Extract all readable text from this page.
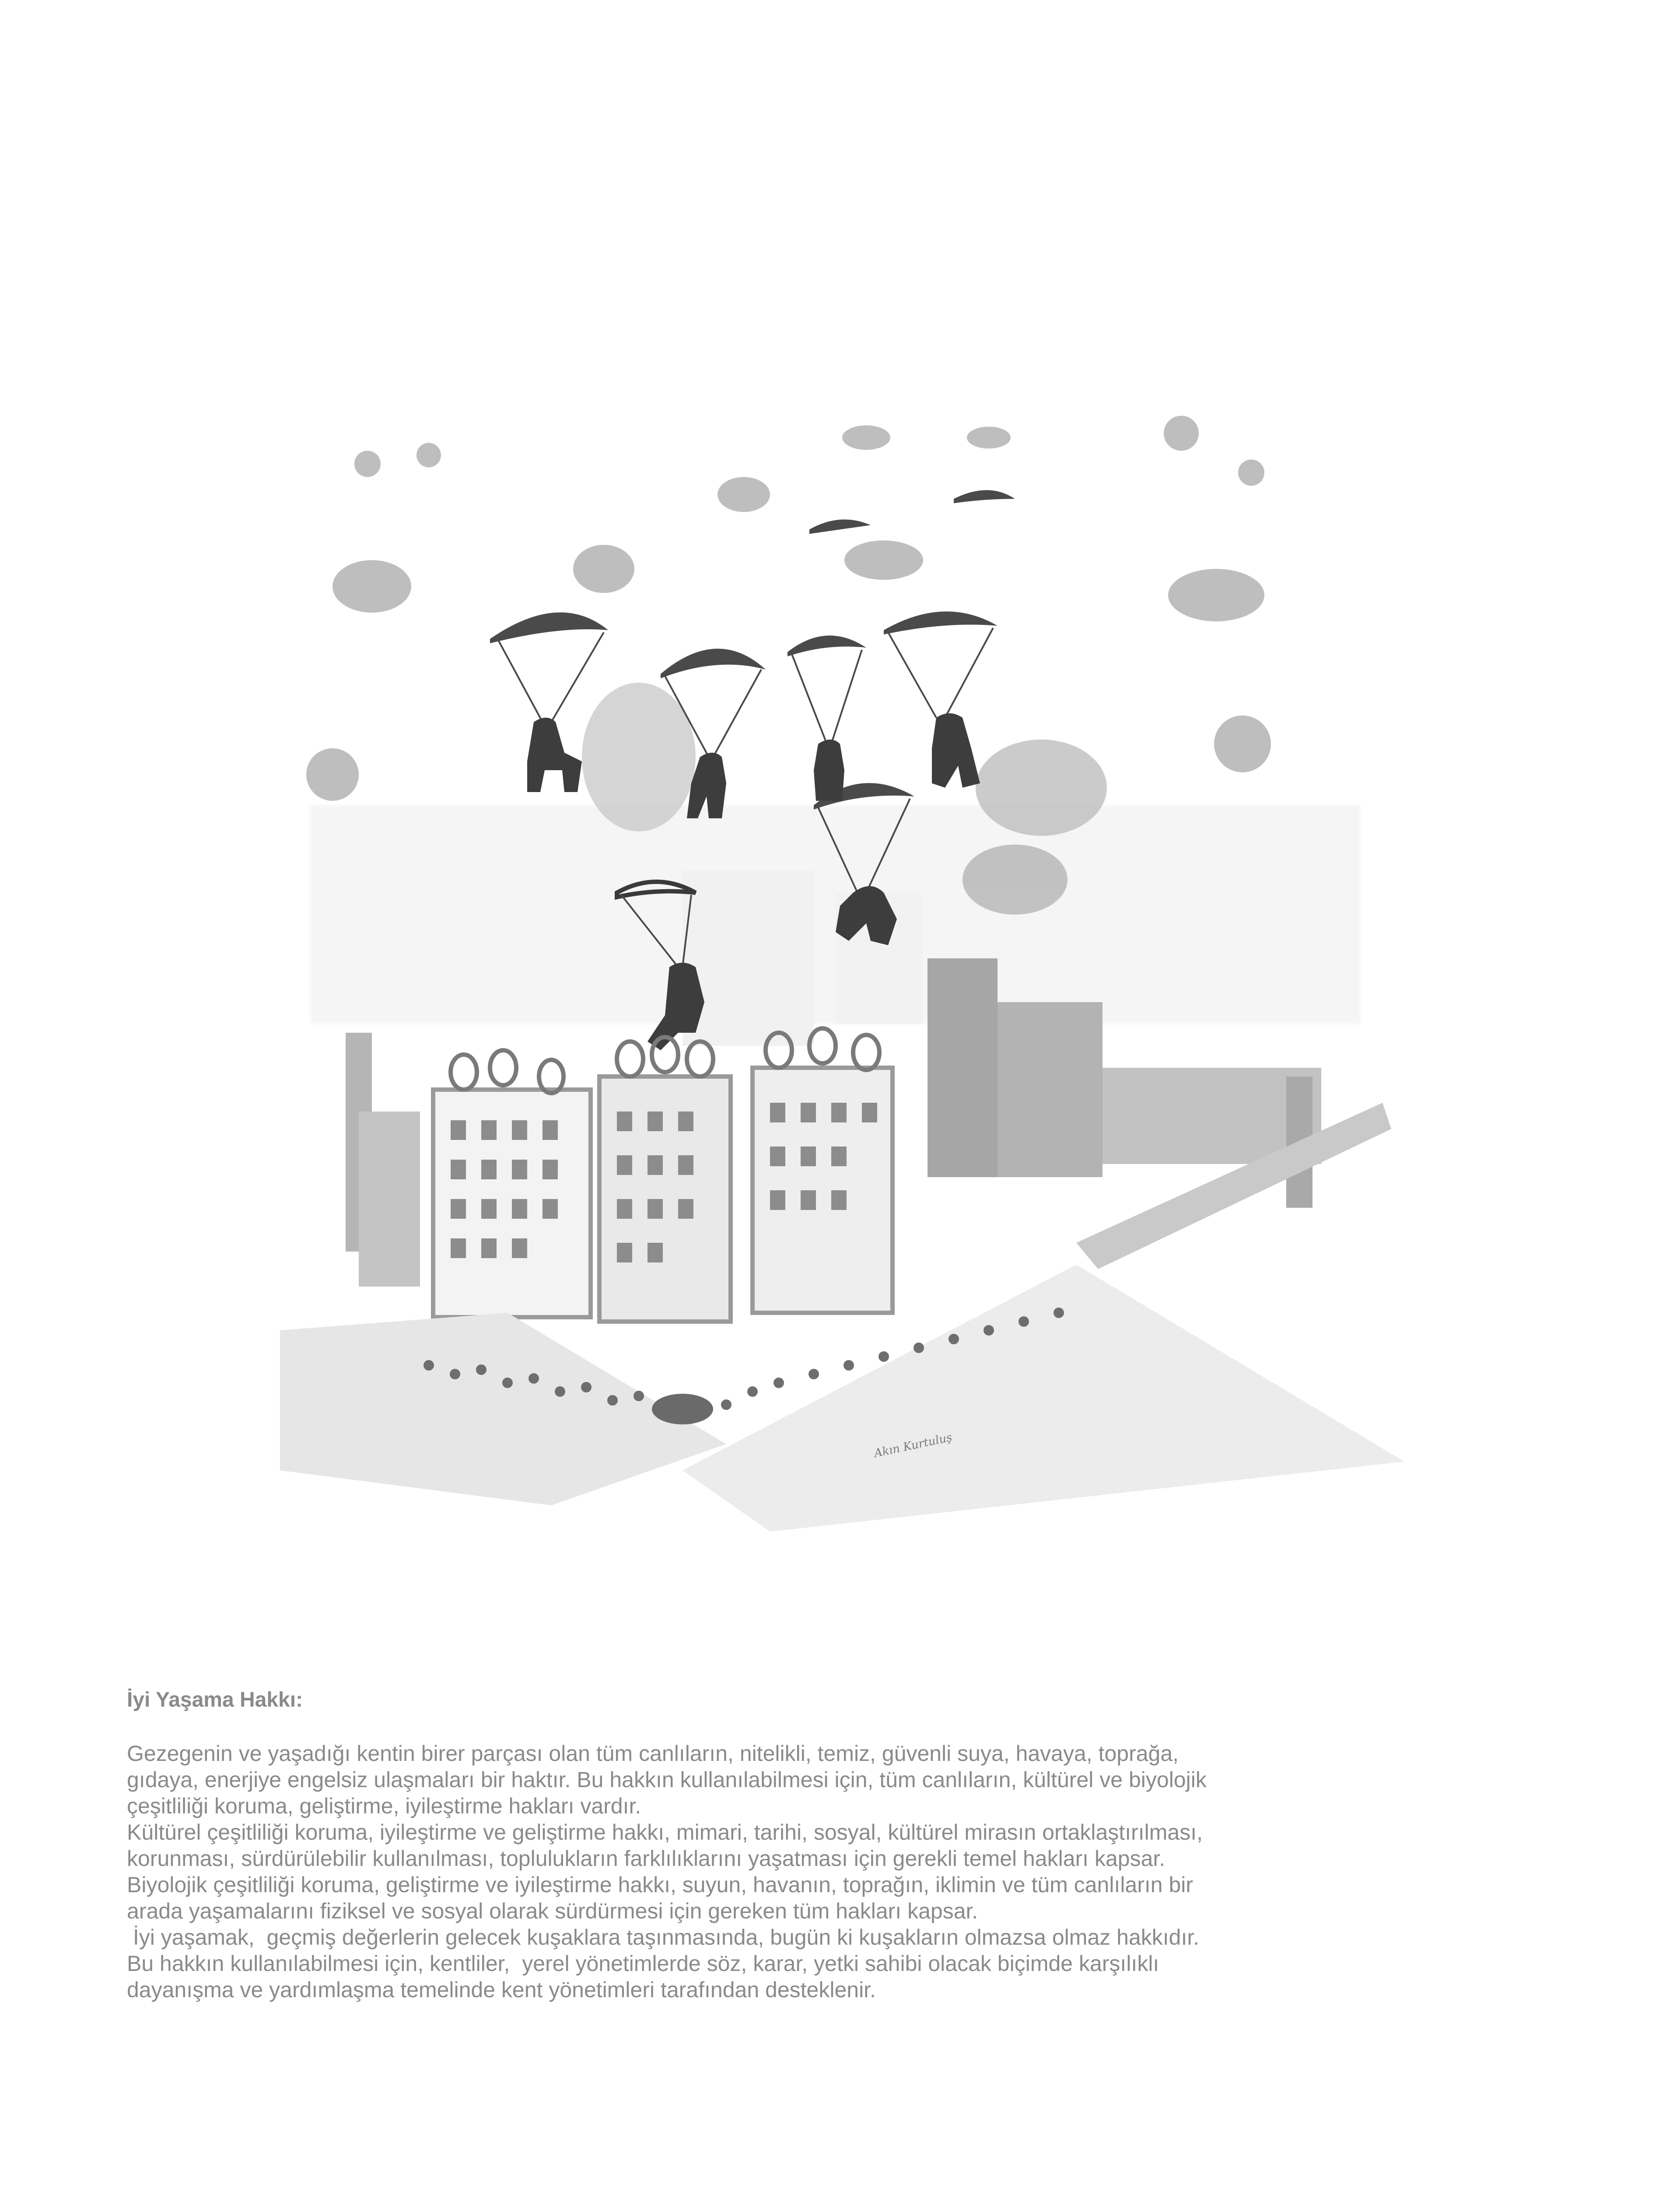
Akın Kurtuluş

İyi Yaşama Hakkı:

Gezegenin ve yaşadığı kentin birer parçası olan tüm canlıların, nitelikli, temiz, güvenli suya, havaya, toprağa,
gıdaya, enerjiye engelsiz ulaşmaları bir haktır. Bu hakkın kullanılabilmesi için, tüm canlıların, kültürel ve biyolojik
çeşitliliği koruma, geliştirme, iyileştirme hakları vardır.
Kültürel çeşitliliği koruma, iyileştirme ve geliştirme hakkı, mimari, tarihi, sosyal, kültürel mirasın ortaklaştırılması,
korunması, sürdürülebilir kullanılması, toplulukların farklılıklarını yaşatması için gerekli temel hakları kapsar.
Biyolojik çeşitliliği koruma, geliştirme ve iyileştirme hakkı, suyun, havanın, toprağın, iklimin ve tüm canlıların bir
arada yaşamalarını fiziksel ve sosyal olarak sürdürmesi için gereken tüm hakları kapsar.
İyi yaşamak,  geçmiş değerlerin gelecek kuşaklara taşınmasında, bugün ki kuşakların olmazsa olmaz hakkıdır.
Bu hakkın kullanılabilmesi için, kentliler,  yerel yönetimlerde söz, karar, yetki sahibi olacak biçimde karşılıklı
dayanışma ve yardımlaşma temelinde kent yönetimleri tarafından desteklenir.
